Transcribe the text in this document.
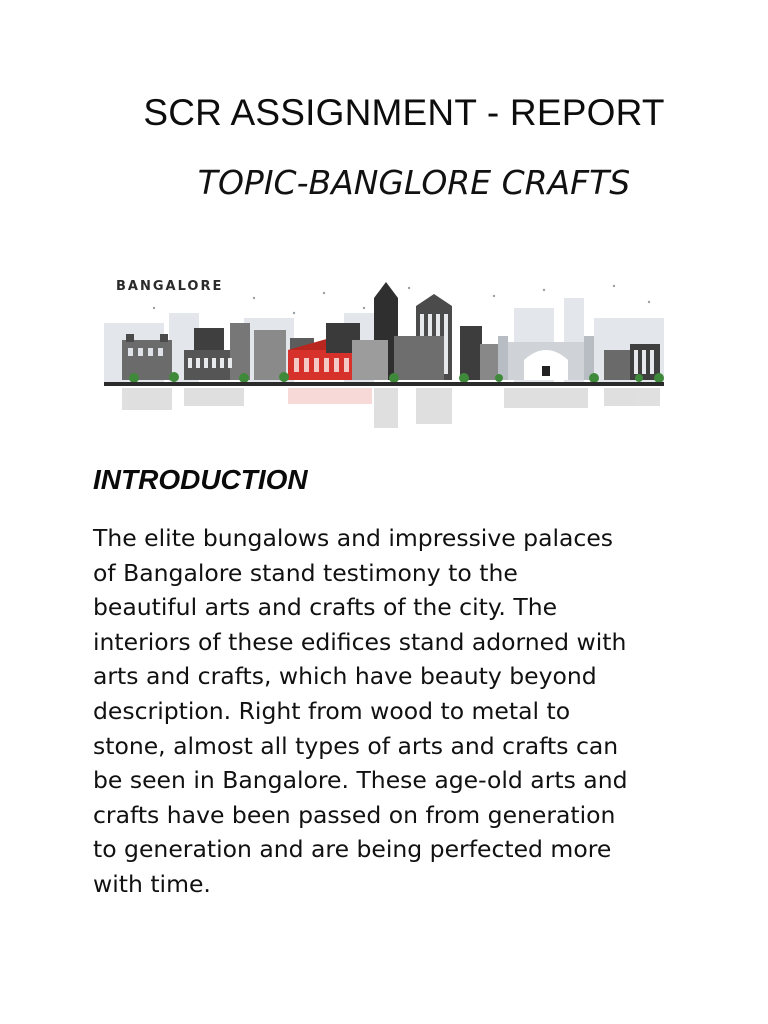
SCR ASSIGNMENT - REPORT
TOPIC-BANGLORE CRAFTS
BANGALORE
INTRODUCTION
The elite bungalows and impressive palaces
of Bangalore stand testimony to the
beautiful arts and crafts of the city. The
interiors of these edifices stand adorned with
arts and crafts, which have beauty beyond
description. Right from wood to metal to
stone, almost all types of arts and crafts can
be seen in Bangalore. These age-old arts and
crafts have been passed on from generation
to generation and are being perfected more
with time.
